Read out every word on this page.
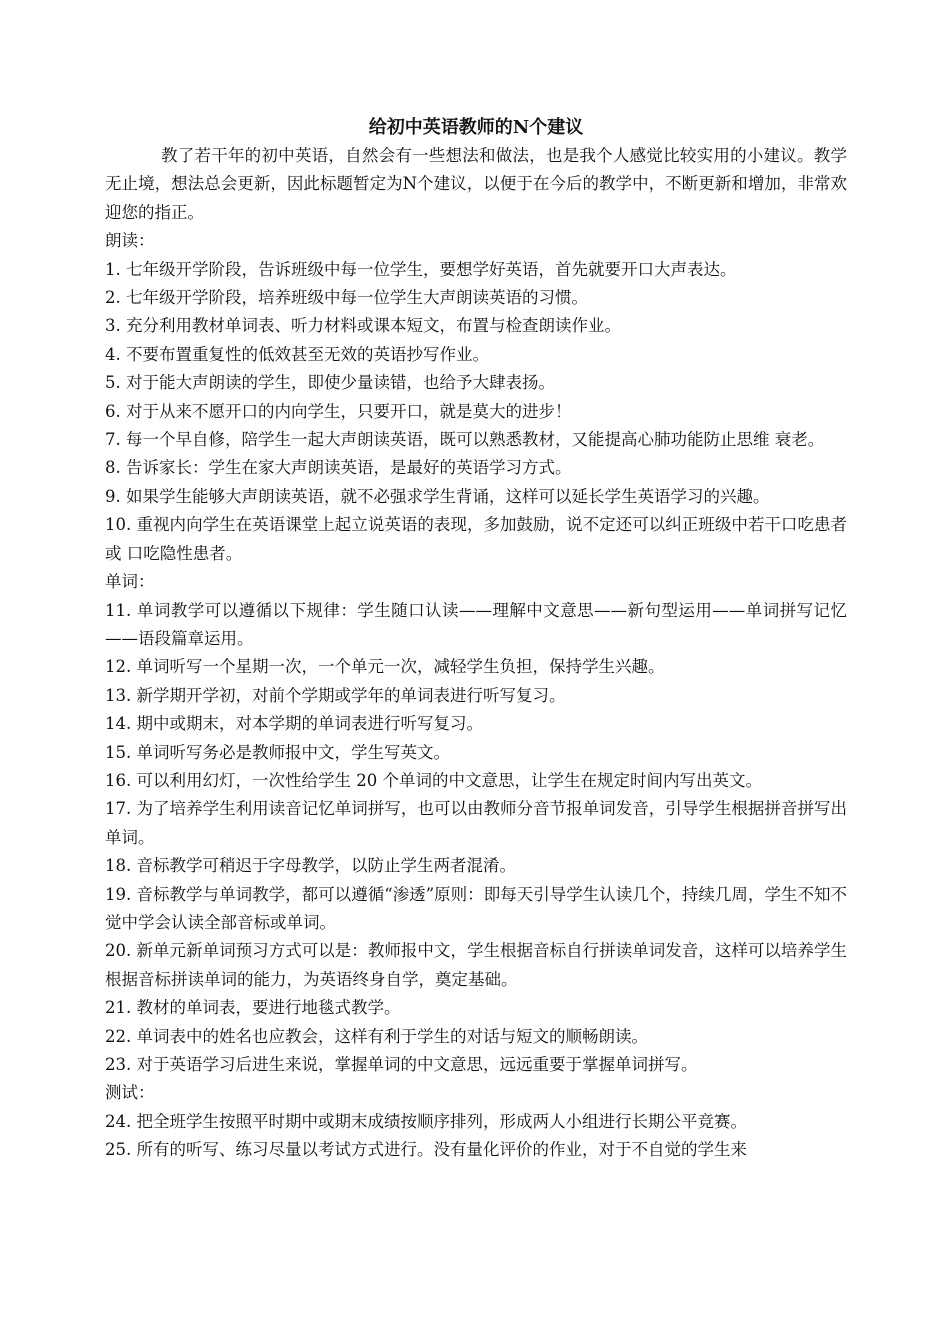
给初中英语教师的N个建议

教了若干年的初中英语，自然会有一些想法和做法，也是我个人感觉比较实用的小建议。教学无止境，想法总会更新，因此标题暂定为N个建议，以便于在今后的教学中，不断更新和增加，非常欢迎您的指正。

朗读：

1. 七年级开学阶段，告诉班级中每一位学生，要想学好英语，首先就要开口大声表达。

2. 七年级开学阶段，培养班级中每一位学生大声朗读英语的习惯。

3. 充分利用教材单词表、听力材料或课本短文，布置与检查朗读作业。

4. 不要布置重复性的低效甚至无效的英语抄写作业。

5. 对于能大声朗读的学生，即使少量读错，也给予大肆表扬。

6. 对于从来不愿开口的内向学生，只要开口，就是莫大的进步！

7. 每一个早自修，陪学生一起大声朗读英语，既可以熟悉教材，又能提高心肺功能防止思维 衰老。

8. 告诉家长：学生在家大声朗读英语，是最好的英语学习方式。

9. 如果学生能够大声朗读英语，就不必强求学生背诵，这样可以延长学生英语学习的兴趣。

10. 重视内向学生在英语课堂上起立说英语的表现，多加鼓励，说不定还可以纠正班级中若干口吃患者或 口吃隐性患者。

单词：

11. 单词教学可以遵循以下规律：学生随口认读——理解中文意思——新句型运用——单词拼写记忆——语段篇章运用。

12. 单词听写一个星期一次，一个单元一次，减轻学生负担，保持学生兴趣。

13. 新学期开学初，对前个学期或学年的单词表进行听写复习。

14. 期中或期末，对本学期的单词表进行听写复习。

15. 单词听写务必是教师报中文，学生写英文。

16. 可以利用幻灯，一次性给学生 20 个单词的中文意思，让学生在规定时间内写出英文。

17. 为了培养学生利用读音记忆单词拼写，也可以由教师分音节报单词发音，引导学生根据拼音拼写出单词。

18. 音标教学可稍迟于字母教学，以防止学生两者混淆。

19. 音标教学与单词教学，都可以遵循“渗透”原则：即每天引导学生认读几个，持续几周，学生不知不觉中学会认读全部音标或单词。

20. 新单元新单词预习方式可以是：教师报中文，学生根据音标自行拼读单词发音，这样可以培养学生根据音标拼读单词的能力，为英语终身自学，奠定基础。

21. 教材的单词表，要进行地毯式教学。

22. 单词表中的姓名也应教会，这样有利于学生的对话与短文的顺畅朗读。

23. 对于英语学习后进生来说，掌握单词的中文意思，远远重要于掌握单词拼写。

测试：

24. 把全班学生按照平时期中或期末成绩按顺序排列，形成两人小组进行长期公平竞赛。

25. 所有的听写、练习尽量以考试方式进行。没有量化评价的作业，对于不自觉的学生来
